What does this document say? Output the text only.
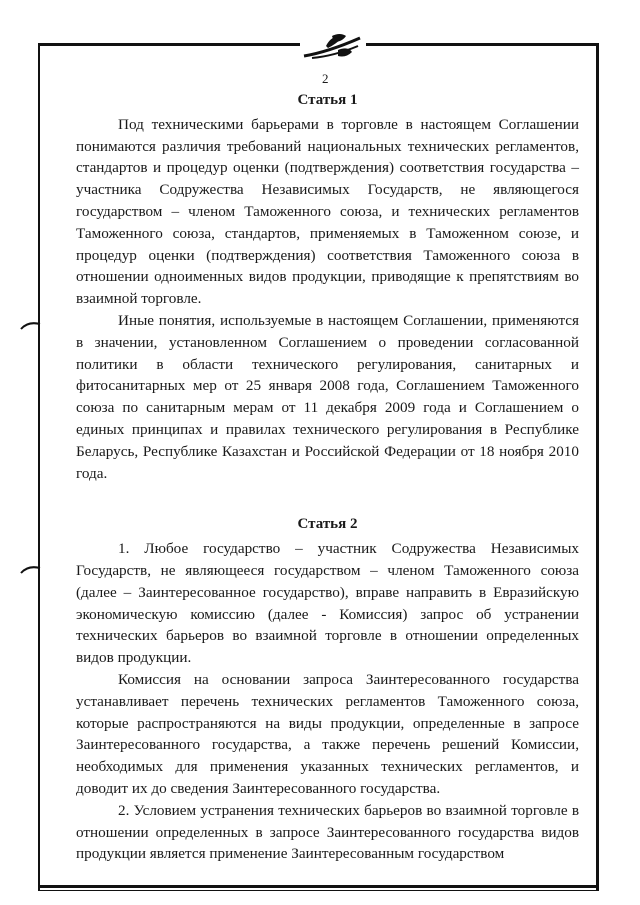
2
Статья 1

Под техническими барьерами в торговле в настоящем Соглашении понимаются различия требований национальных технических регламентов, стандартов и процедур оценки (подтверждения) соответствия государства – участника Содружества Независимых Государств, не являющегося государством – членом Таможенного союза, и технических регламентов Таможенного союза, стандартов, применяемых в Таможенном союзе, и процедур оценки (подтверждения) соответствия Таможенного союза в отношении одноименных видов продукции, приводящие к препятствиям во взаимной торговле.

Иные понятия, используемые в настоящем Соглашении, применяются в значении, установленном Соглашением о проведении согласованной политики в области технического регулирования, санитарных и фитосанитарных мер от 25 января 2008 года, Соглашением Таможенного союза по санитарным мерам от 11 декабря 2009 года и Соглашением о единых принципах и правилах технического регулирования в Республике Беларусь, Республике Казахстан и Российской Федерации от 18 ноября 2010 года.

Статья 2

1. Любое государство – участник Содружества Независимых Государств, не являющееся государством – членом Таможенного союза (далее – Заинтересованное государство), вправе направить в Евразийскую экономическую комиссию (далее - Комиссия) запрос об устранении технических барьеров во взаимной торговле в отношении определенных видов продукции.

Комиссия на основании запроса Заинтересованного государства устанавливает перечень технических регламентов Таможенного союза, которые распространяются на виды продукции, определенные в запросе Заинтересованного государства, а также перечень решений Комиссии, необходимых для применения указанных технических регламентов, и доводит их до сведения Заинтересованного государства.

2. Условием устранения технических барьеров во взаимной торговле в отношении определенных в запросе Заинтересованного государства видов продукции является применение Заинтересованным государством
